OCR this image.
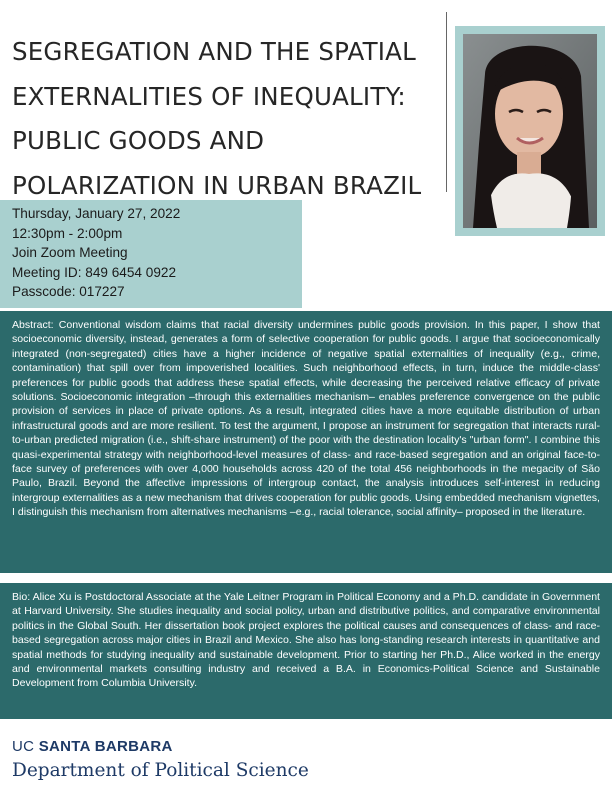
SEGREGATION AND THE SPATIAL
EXTERNALITIES OF INEQUALITY:
PUBLIC GOODS AND
POLARIZATION IN URBAN BRAZIL
Thursday, January 27, 2022
12:30pm - 2:00pm
Join Zoom Meeting
Meeting ID: 849 6454 0922
Passcode: 017227

Abstract: Conventional wisdom claims that racial diversity undermines public goods provision. In this paper, I show that socioeconomic diversity, instead, generates a form of selective cooperation for public goods. I argue that socioeconomically integrated (non-segregated) cities have a higher incidence of negative spatial externalities of inequality (e.g., crime, contamination) that spill over from impoverished localities. Such neighborhood effects, in turn, induce the middle-class' preferences for public goods that address these spatial effects, while decreasing the perceived relative efficacy of private solutions. Socioeconomic integration –through this externalities mechanism– enables preference convergence on the public provision of services in place of private options. As a result, integrated cities have a more equitable distribution of urban infrastructural goods and are more resilient. To test the argument, I propose an instrument for segregation that interacts rural-to-urban predicted migration (i.e., shift-share instrument) of the poor with the destination locality's "urban form". I combine this quasi-experimental strategy with neighborhood-level measures of class- and race-based segregation and an original face-to-face survey of preferences with over 4,000 households across 420 of the total 456 neighborhoods in the megacity of São Paulo, Brazil. Beyond the affective impressions of intergroup contact, the analysis introduces self-interest in reducing intergroup externalities as a new mechanism that drives cooperation for public goods. Using embedded mechanism vignettes, I distinguish this mechanism from alternatives mechanisms –e.g., racial tolerance, social affinity– proposed in the literature.

Bio: Alice Xu is Postdoctoral Associate at the Yale Leitner Program in Political Economy and a Ph.D. candidate in Government at Harvard University. She studies inequality and social policy, urban and distributive politics, and comparative environmental politics in the Global South. Her dissertation book project explores the political causes and consequences of class- and race-based segregation across major cities in Brazil and Mexico. She also has long-standing research interests in quantitative and spatial methods for studying inequality and sustainable development. Prior to starting her Ph.D., Alice worked in the energy and environmental markets consulting industry and received a B.A. in Economics-Political Science and Sustainable Development from Columbia University.

UC SANTA BARBARA
Department of Political Science
